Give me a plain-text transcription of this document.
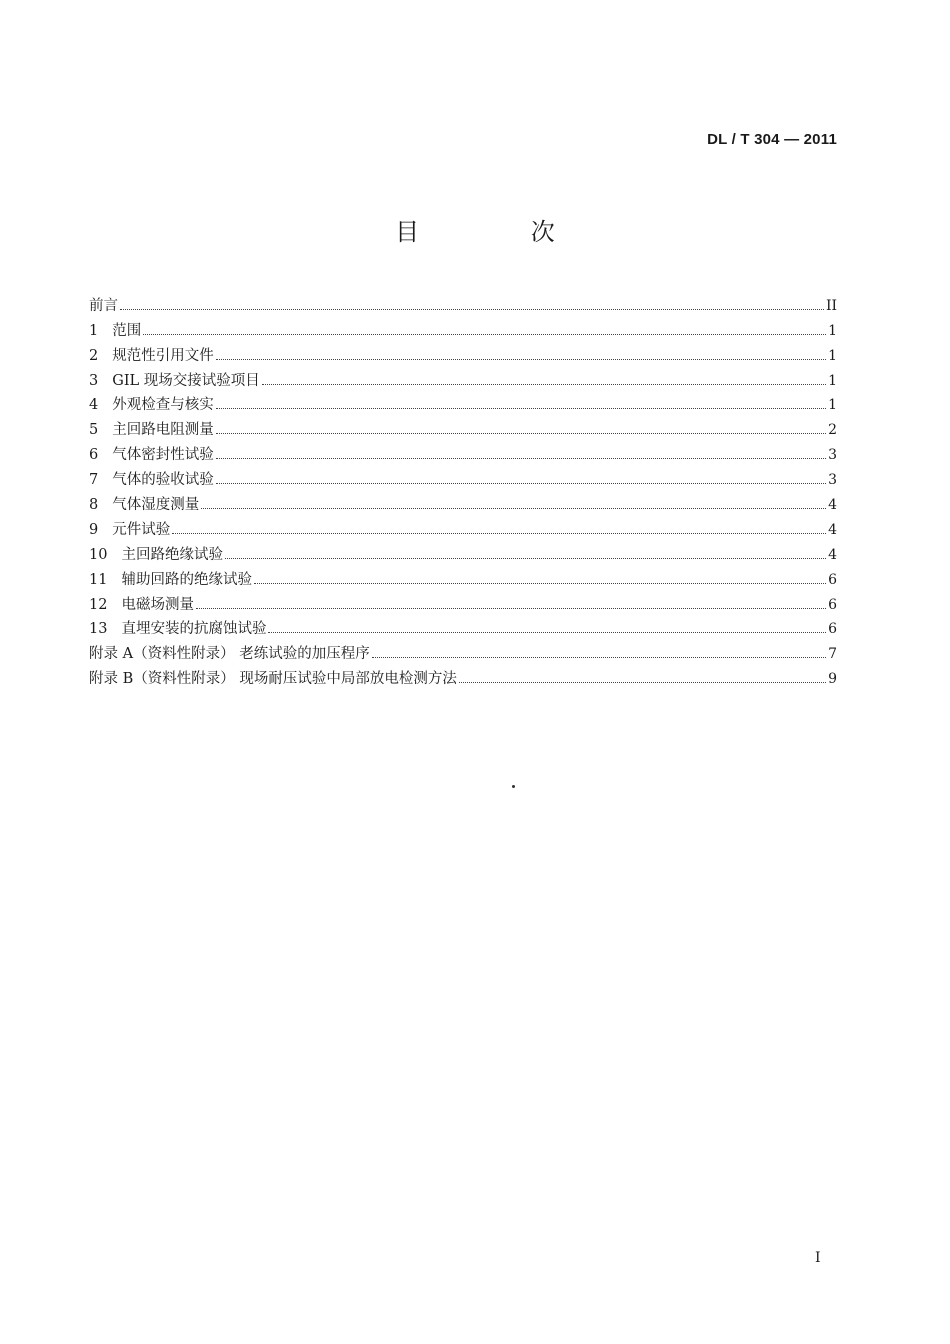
DL / T 304 — 2011
目 次
前言	II
1 范围	1
2 规范性引用文件	1
3 GIL 现场交接试验项目	1
4 外观检查与核实	1
5 主回路电阻测量	2
6 气体密封性试验	3
7 气体的验收试验	3
8 气体湿度测量	4
9 元件试验	4
10 主回路绝缘试验	4
11 辅助回路的绝缘试验	6
12 电磁场测量	6
13 直埋安装的抗腐蚀试验	6
附录 A（资料性附录） 老练试验的加压程序	7
附录 B（资料性附录） 现场耐压试验中局部放电检测方法	9
I
